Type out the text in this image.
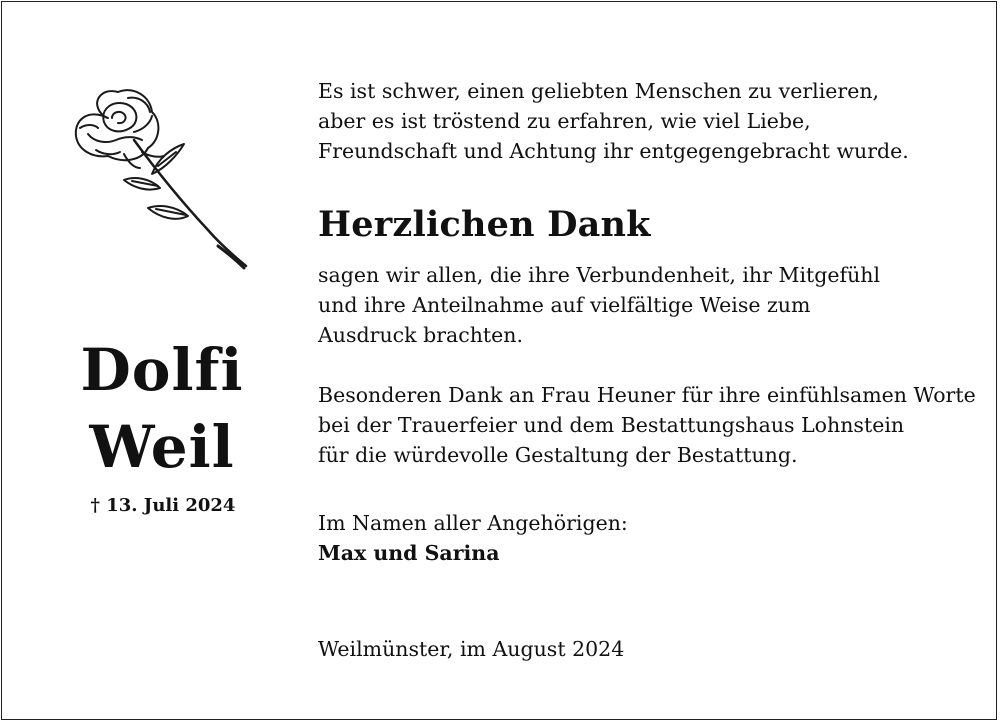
Dolfi
Weil
† 13. Juli 2024
Es ist schwer, einen geliebten Menschen zu verlieren,
aber es ist tröstend zu erfahren, wie viel Liebe,
Freundschaft und Achtung ihr entgegengebracht wurde.
Herzlichen Dank
sagen wir allen, die ihre Verbundenheit, ihr Mitgefühl
und ihre Anteilnahme auf vielfältige Weise zum
Ausdruck brachten.
Besonderen Dank an Frau Heuner für ihre einfühlsamen Worte
bei der Trauerfeier und dem Bestattungshaus Lohnstein
für die würdevolle Gestaltung der Bestattung.
Im Namen aller Angehörigen:
Max und Sarina
Weilmünster, im August 2024
